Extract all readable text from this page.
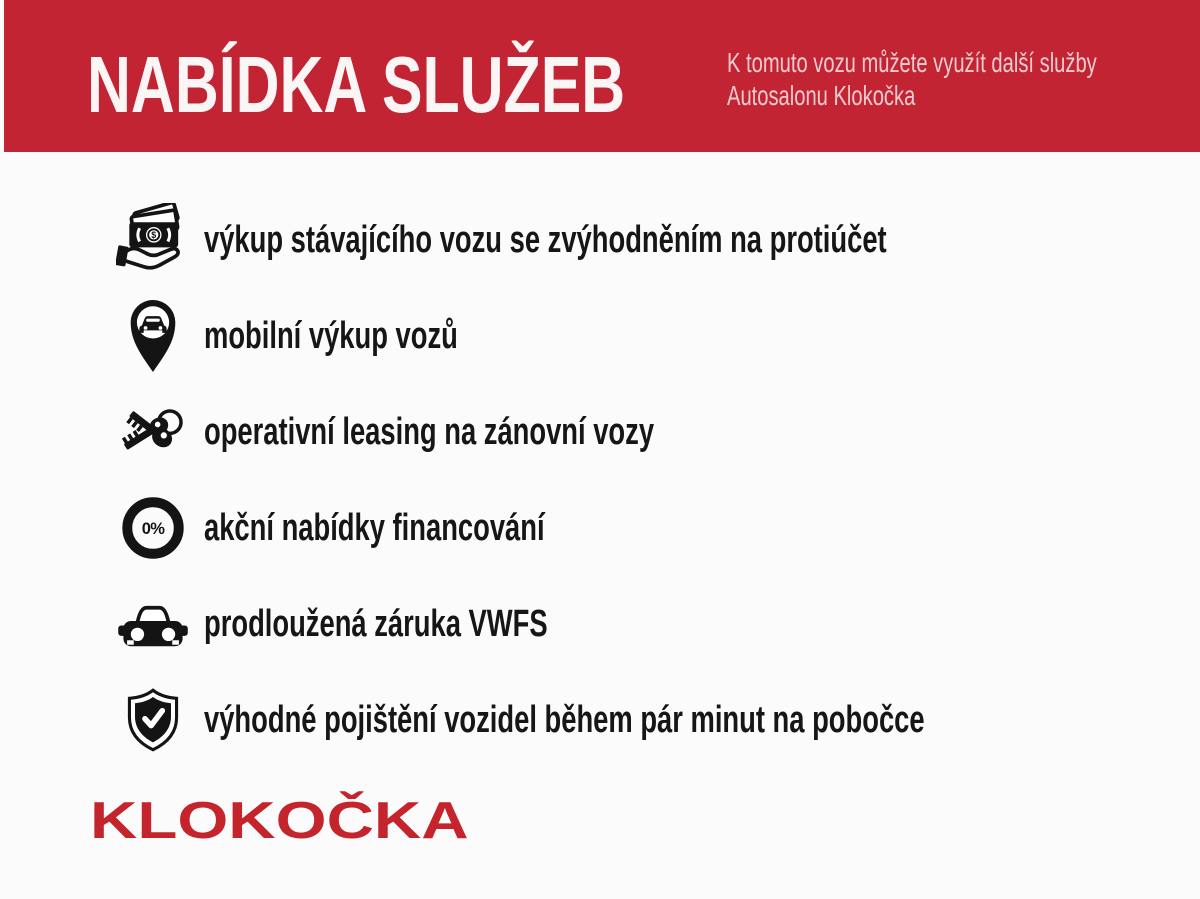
NABÍDKA SLUŽEB	K tomuto vozu můžete využít další služby
Autosalonu Klokočka
$ výkup stávajícího vozu se zvýhodněním na protiúčet
mobilní výkup vozů
operativní leasing na zánovní vozy
0% akční nabídky financování
prodloužená záruka VWFS
výhodné pojištění vozidel během pár minut na pobočce
KLOKOČKA
